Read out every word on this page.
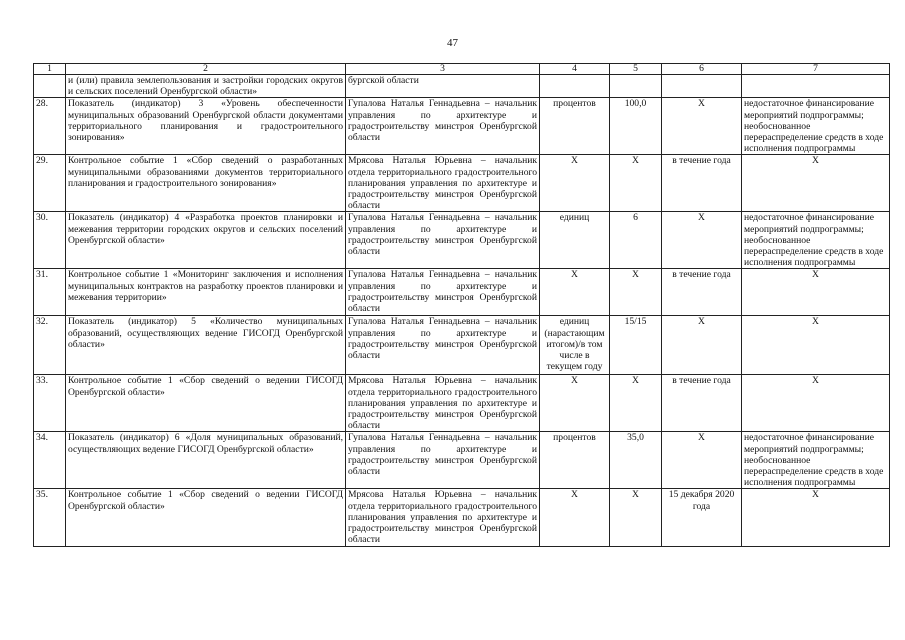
47
1	2	3	4	5	6	7
	и (или) правила землепользования и застройки городских округов и сельских поселений Оренбургской области»	бургской области				
28.	Показатель (индикатор) 3 «Уровень обеспеченности муниципальных образований Оренбургской области документами территориального планирования и градостроительного зонирования»	Гупалова Наталья Геннадьевна – начальник управления по архитектуре и градостроительству минстроя Оренбургской области	процентов	100,0	Х	недостаточное финансирование мероприятий подпрограммы; необоснованное перераспределение средств в ходе исполнения подпрограммы
29.	Контрольное событие 1 «Сбор сведений о разработанных муниципальными образованиями документов территориального планирования и градостроительного зонирования»	Мрясова Наталья Юрьевна – начальник отдела территориального градостроительного планирования управления по архитектуре и градостроительству минстроя Оренбургской области	Х	Х	в течение года	Х
30.	Показатель (индикатор) 4 «Разработка проектов планировки и межевания территории городских округов и сельских поселений Оренбургской области»	Гупалова Наталья Геннадьевна – начальник управления по архитектуре и градостроительству минстроя Оренбургской области	единиц	6	Х	недостаточное финансирование мероприятий подпрограммы; необоснованное перераспределение средств в ходе исполнения подпрограммы
31.	Контрольное событие 1 «Мониторинг заключения и исполнения муниципальных контрактов на разработку проектов планировки и межевания территории»	Гупалова Наталья Геннадьевна – начальник управления по архитектуре и градостроительству минстроя Оренбургской области	Х	Х	в течение года	Х
32.	Показатель (индикатор) 5 «Количество муниципальных образований, осуществляющих ведение ГИСОГД Оренбургской области»	Гупалова Наталья Геннадьевна – начальник управления по архитектуре и градостроительству минстроя Оренбургской области	единиц (нарастающим итогом)/в том числе в текущем году	15/15	Х	Х
33.	Контрольное событие 1 «Сбор сведений о ведении ГИСОГД Оренбургской области»	Мрясова Наталья Юрьевна – начальник отдела территориального градостроительного планирования управления по архитектуре и градостроительству минстроя Оренбургской области	Х	Х	в течение года	Х
34.	Показатель (индикатор) 6 «Доля муниципальных образований, осуществляющих ведение ГИСОГД Оренбургской области»	Гупалова Наталья Геннадьевна – начальник управления по архитектуре и градостроительству минстроя Оренбургской области	процентов	35,0	Х	недостаточное финансирование мероприятий подпрограммы; необоснованное перераспределение средств в ходе исполнения подпрограммы
35.	Контрольное событие 1 «Сбор сведений о ведении ГИСОГД Оренбургской области»	Мрясова Наталья Юрьевна – начальник отдела территориального градостроительного планирования управления по архитектуре и градостроительству минстроя Оренбургской области	Х	Х	15 декабря 2020 года	Х
